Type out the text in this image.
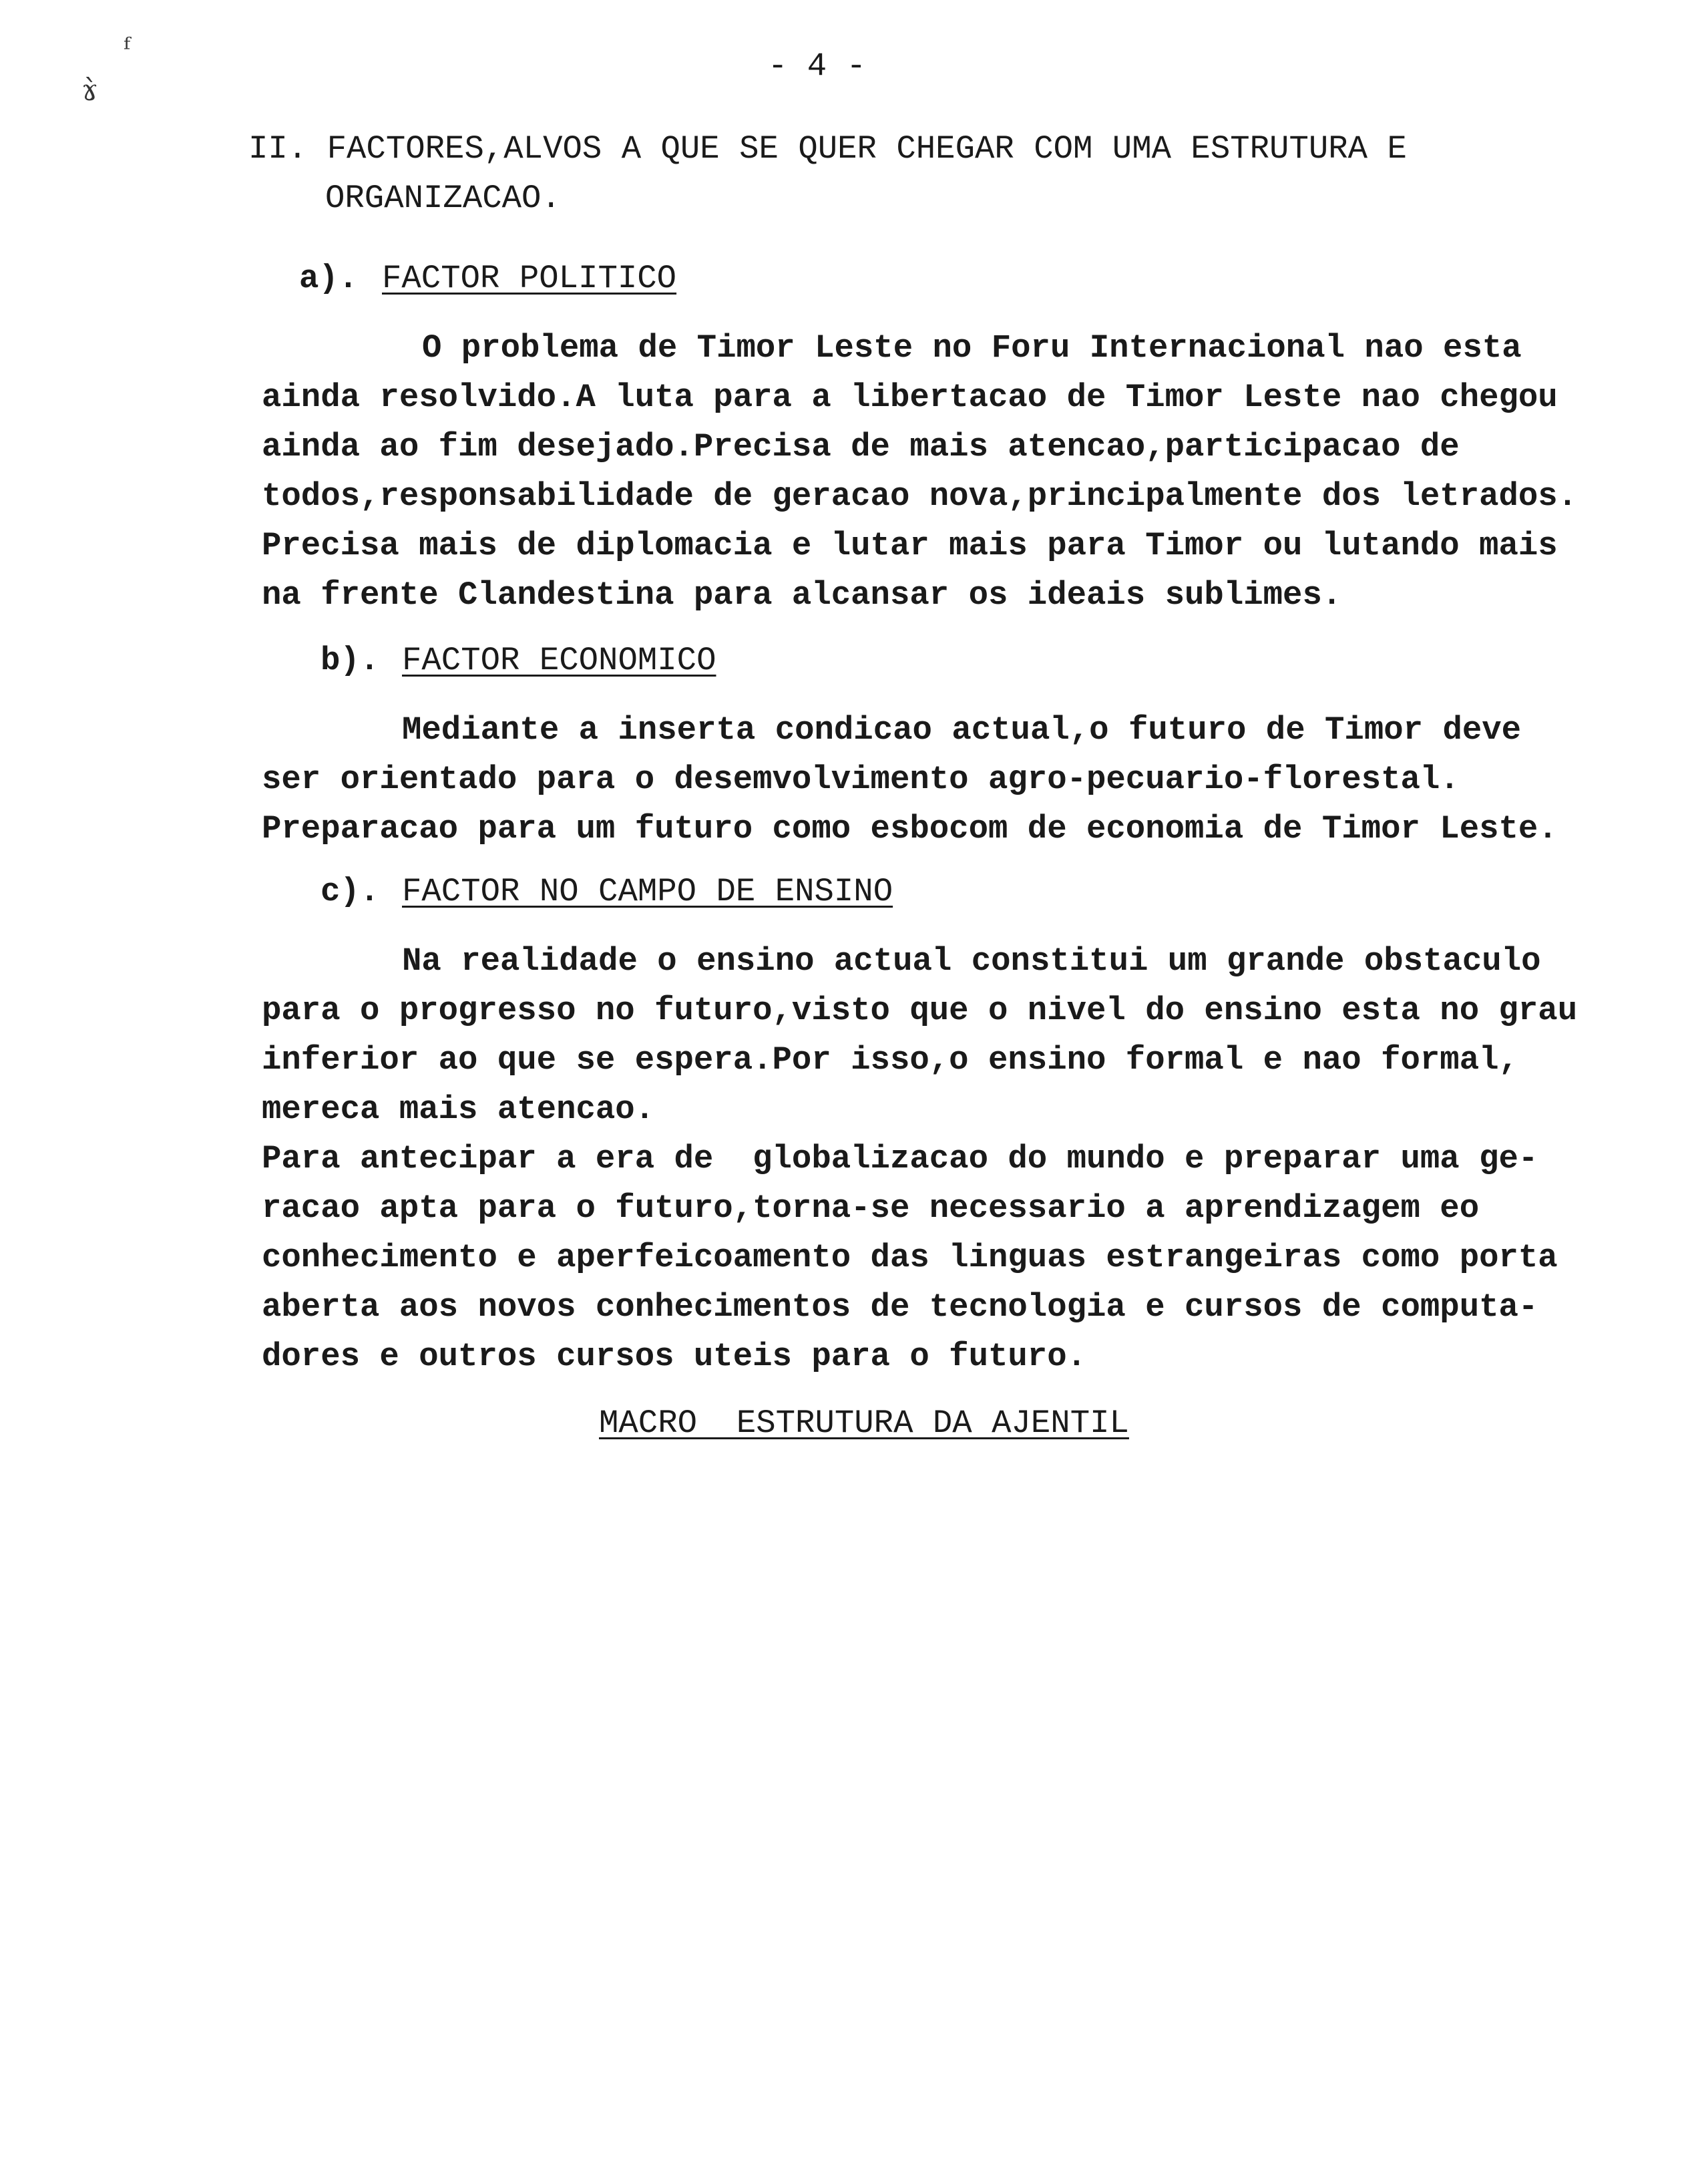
ᶠ
ɤ̀
- 4 -
II. FACTORES,ALVOS A QUE SE QUER CHEGAR COM UMA ESTRUTURA E
ORGANIZACAO.
a). FACTOR POLITICO
O problema de Timor Leste no Foru Internacional nao esta
ainda resolvido.A luta para a libertacao de Timor Leste nao chegou
ainda ao fim desejado.Precisa de mais atencao,participacao de
todos,responsabilidade de geracao nova,principalmente dos letrados.
Precisa mais de diplomacia e lutar mais para Timor ou lutando mais
na frente Clandestina para alcansar os ideais sublimes.
b). FACTOR ECONOMICO
Mediante a inserta condicao actual,o futuro de Timor deve
ser orientado para o desemvolvimento agro-pecuario-florestal.
Preparacao para um futuro como esbocom de economia de Timor Leste.
c). FACTOR NO CAMPO DE ENSINO
Na realidade o ensino actual constitui um grande obstaculo
para o progresso no futuro,visto que o nivel do ensino esta no grau
inferior ao que se espera.Por isso,o ensino formal e nao formal,
mereca mais atencao.
Para antecipar a era de  globalizacao do mundo e preparar uma ge-
racao apta para o futuro,torna-se necessario a aprendizagem eo
conhecimento e aperfeicoamento das linguas estrangeiras como porta
aberta aos novos conhecimentos de tecnologia e cursos de computa-
dores e outros cursos uteis para o futuro.
MACRO  ESTRUTURA DA AJENTIL
